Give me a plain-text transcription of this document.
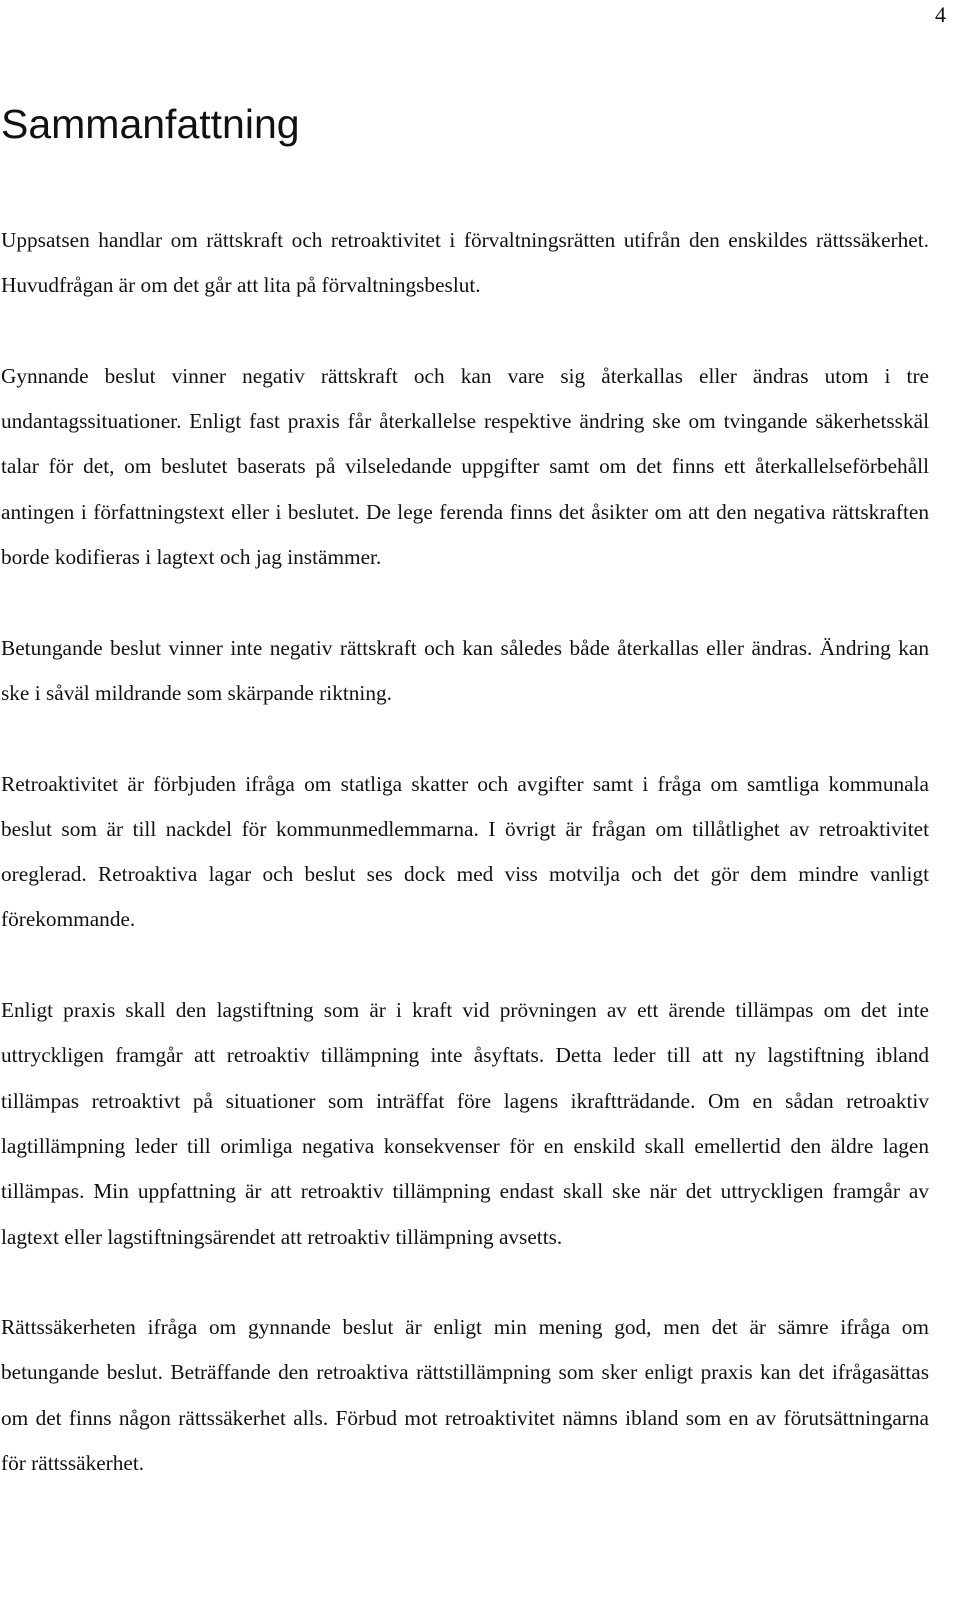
4
Sammanfattning

Uppsatsen handlar om rättskraft och retroaktivitet i förvaltningsrätten utifrån den enskildes rättssäkerhet. Huvudfrågan är om det går att lita på förvaltningsbeslut.

Gynnande beslut vinner negativ rättskraft och kan vare sig återkallas eller ändras utom i tre undantagssituationer. Enligt fast praxis får återkallelse respektive ändring ske om tvingande säkerhetsskäl talar för det, om beslutet baserats på vilseledande uppgifter samt om det finns ett återkallelseförbehåll antingen i författningstext eller i beslutet. De lege ferenda finns det åsikter om att den negativa rättskraften borde kodifieras i lagtext och jag instämmer.

Betungande beslut vinner inte negativ rättskraft och kan således både återkallas eller ändras. Ändring kan ske i såväl mildrande som skärpande riktning.

Retroaktivitet är förbjuden ifråga om statliga skatter och avgifter samt i fråga om samtliga kommunala beslut som är till nackdel för kommunmedlemmarna. I övrigt är frågan om tillåtlighet av retroaktivitet oreglerad. Retroaktiva lagar och beslut ses dock med viss motvilja och det gör dem mindre vanligt förekommande.

Enligt praxis skall den lagstiftning som är i kraft vid prövningen av ett ärende tillämpas om det inte uttryckligen framgår att retroaktiv tillämpning inte åsyftats. Detta leder till att ny lagstiftning ibland tillämpas retroaktivt på situationer som inträffat före lagens ikraftträdande. Om en sådan retroaktiv lagtillämpning leder till orimliga negativa konsekvenser för en enskild skall emellertid den äldre lagen tillämpas. Min uppfattning är att retroaktiv tillämpning endast skall ske när det uttryckligen framgår av lagtext eller lagstiftningsärendet att retroaktiv tillämpning avsetts.

Rättssäkerheten ifråga om gynnande beslut är enligt min mening god, men det är sämre ifråga om betungande beslut. Beträffande den retroaktiva rättstillämpning som sker enligt praxis kan det ifrågasättas om det finns någon rättssäkerhet alls. Förbud mot retroaktivitet nämns ibland som en av förutsättningarna för rättssäkerhet.
